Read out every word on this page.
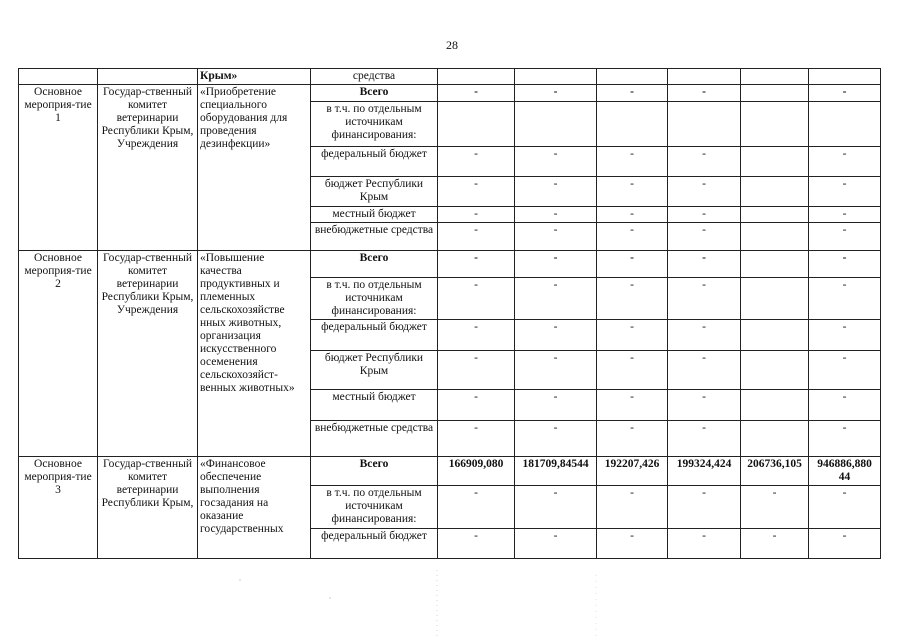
28
		Крым»	средства						
Основное мероприя-тие 1	Государ-ственный комитет ветеринарии Республики Крым, Учреждения	«Приобретение специального оборудования для проведения дезинфекции»	Всего	-	-	-	-		-
			в т.ч. по отдельным источникам финансирования:						
			федеральный бюджет	-	-	-	-		-
			бюджет Республики Крым	-	-	-	-		-
			местный бюджет	-	-	-	-		-
			внебюджетные средства	-	-	-	-		-
Основное мероприя-тие 2	Государ-ственный комитет ветеринарии Республики Крым, Учреждения	«Повышение качества продуктивных и племенных сельскохозяйстве нных животных, организация искусственного осеменения сельскохозяйст-венных животных»	Всего	-	-	-	-		-
			в т.ч. по отдельным источникам финансирования:	-	-	-	-		-
			федеральный бюджет	-	-	-	-		-
			бюджет Республики Крым	-	-	-	-		-
			местный бюджет	-	-	-	-		-
			внебюджетные средства	-	-	-	-		-
Основное мероприя-тие 3	Государ-ственный комитет ветеринарии Республики Крым,	«Финансовое обеспечение выполнения госзадания на оказание государственных	Всего	166909,080	181709,84544	192207,426	199324,424	206736,105	946886,880 44
			в т.ч. по отдельным источникам финансирования:	-	-	-	-	-	-
			федеральный бюджет	-	-	-	-	-	-
